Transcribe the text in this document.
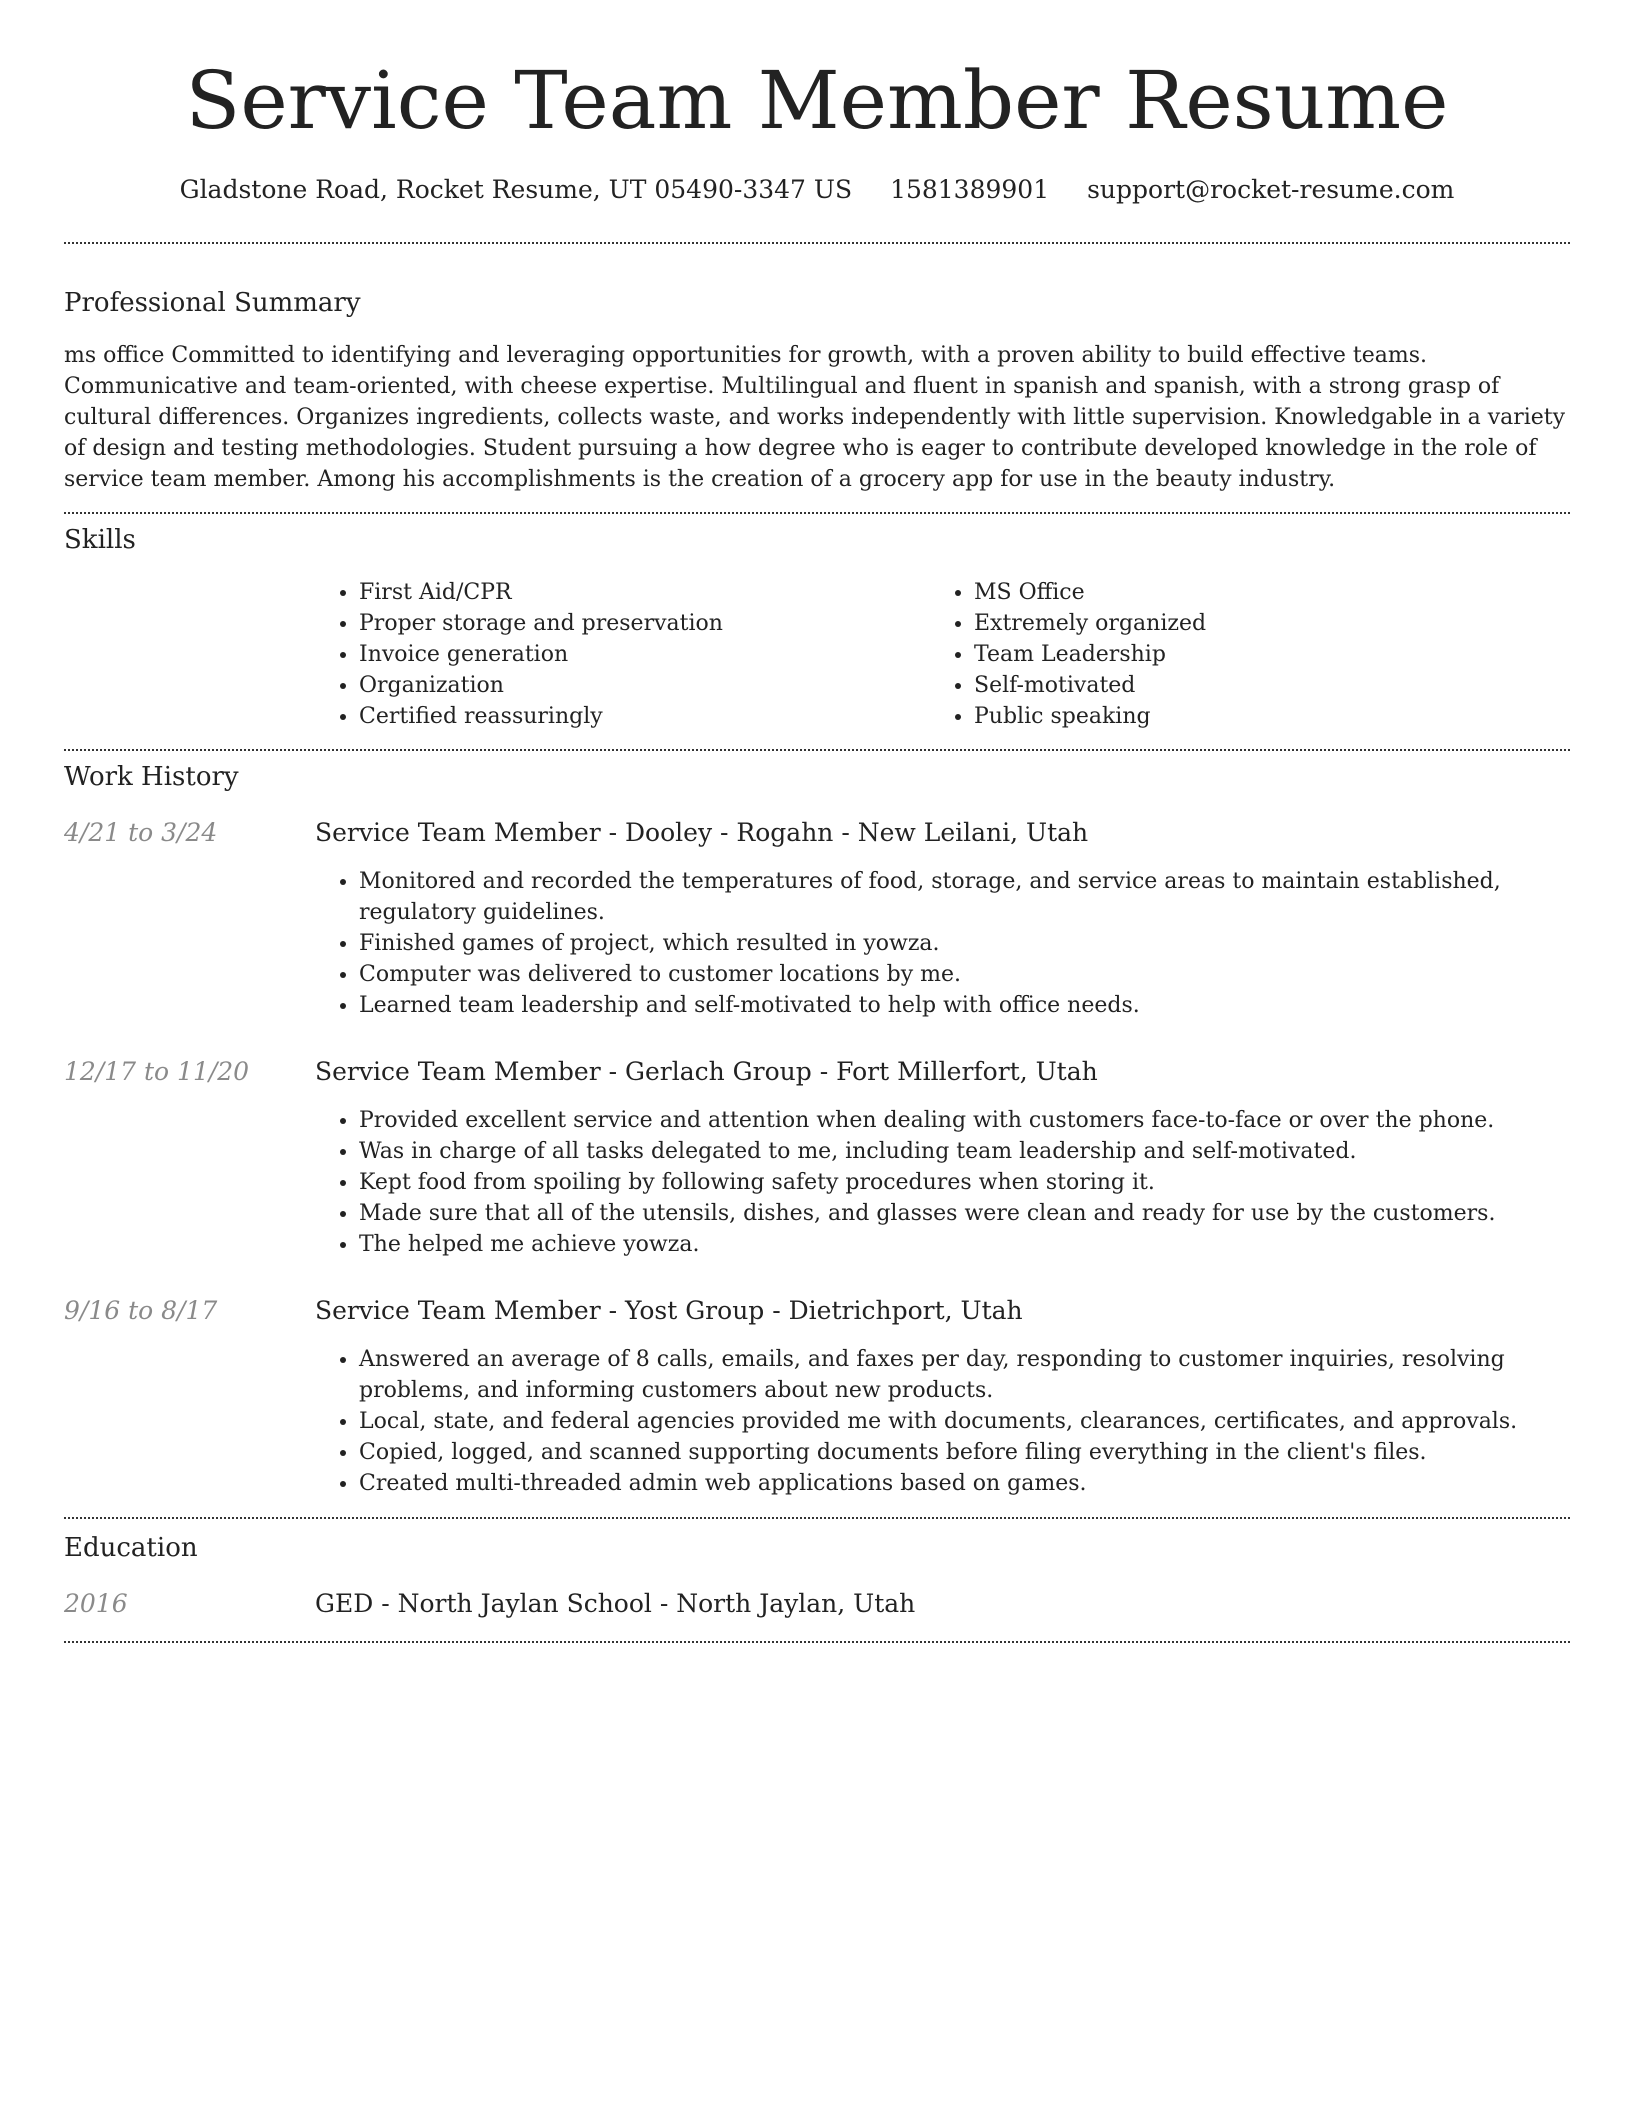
Service Team Member Resume
Gladstone Road, Rocket Resume, UT 05490-3347 US 1581389901 support@rocket-resume.com
Professional Summary

ms office Committed to identifying and leveraging opportunities for growth, with a proven ability to build effective teams. Communicative and team-oriented, with cheese expertise. Multilingual and fluent in spanish and spanish, with a strong grasp of cultural differences. Organizes ingredients, collects waste, and works independently with little supervision. Knowledgable in a variety of design and testing methodologies. Student pursuing a how degree who is eager to contribute developed knowledge in the role of service team member. Among his accomplishments is the creation of a grocery app for use in the beauty industry.

Skills
• First Aid/CPR
• Proper storage and preservation
• Invoice generation
• Organization
• Certified reassuringly
• MS Office
• Extremely organized
• Team Leadership
• Self-motivated
• Public speaking
Work History
4/21 to 3/24	Service Team Member - Dooley - Rogahn - New Leilani, Utah
• Monitored and recorded the temperatures of food, storage, and service areas to maintain established, regulatory guidelines.
• Finished games of project, which resulted in yowza.
• Computer was delivered to customer locations by me.
• Learned team leadership and self-motivated to help with office needs.
12/17 to 11/20	Service Team Member - Gerlach Group - Fort Millerfort, Utah
• Provided excellent service and attention when dealing with customers face-to-face or over the phone.
• Was in charge of all tasks delegated to me, including team leadership and self-motivated.
• Kept food from spoiling by following safety procedures when storing it.
• Made sure that all of the utensils, dishes, and glasses were clean and ready for use by the customers.
• The helped me achieve yowza.
9/16 to 8/17	Service Team Member - Yost Group - Dietrichport, Utah
• Answered an average of 8 calls, emails, and faxes per day, responding to customer inquiries, resolving problems, and informing customers about new products.
• Local, state, and federal agencies provided me with documents, clearances, certificates, and approvals.
• Copied, logged, and scanned supporting documents before filing everything in the client's files.
• Created multi-threaded admin web applications based on games.
Education
2016	GED - North Jaylan School - North Jaylan, Utah
